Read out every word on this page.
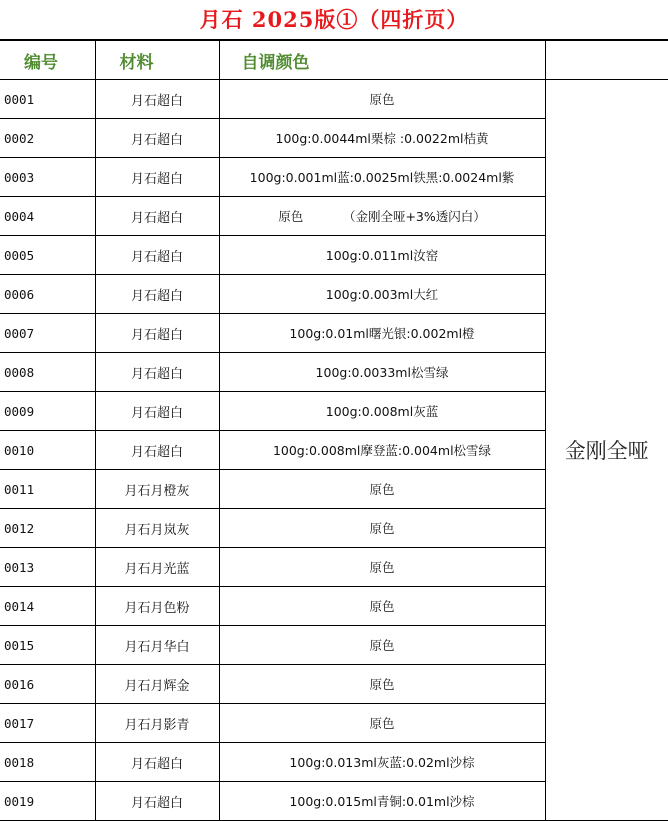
月石 2025版①（四折页）
编号	材料	自调颜色	
0001	月石超白	原色	金刚全哑
0002	月石超白	100g:0.0044ml栗棕 :0.0022ml桔黄	
0003	月石超白	100g:0.001ml蓝:0.0025ml铁黑:0.0024ml紫	
0004	月石超白	原色          （金刚全哑+3%透闪白）	
0005	月石超白	100g:0.011ml汝窑	
0006	月石超白	100g:0.003ml大红	
0007	月石超白	100g:0.01ml曙光银:0.002ml橙	
0008	月石超白	100g:0.0033ml松雪绿	
0009	月石超白	100g:0.008ml灰蓝	
0010	月石超白	100g:0.008ml摩登蓝:0.004ml松雪绿	
0011	月石月橙灰	原色	
0012	月石月岚灰	原色	
0013	月石月光蓝	原色	
0014	月石月色粉	原色	
0015	月石月华白	原色	
0016	月石月辉金	原色	
0017	月石月影青	原色	
0018	月石超白	100g:0.013ml灰蓝:0.02ml沙棕	
0019	月石超白	100g:0.015ml青铜:0.01ml沙棕	
